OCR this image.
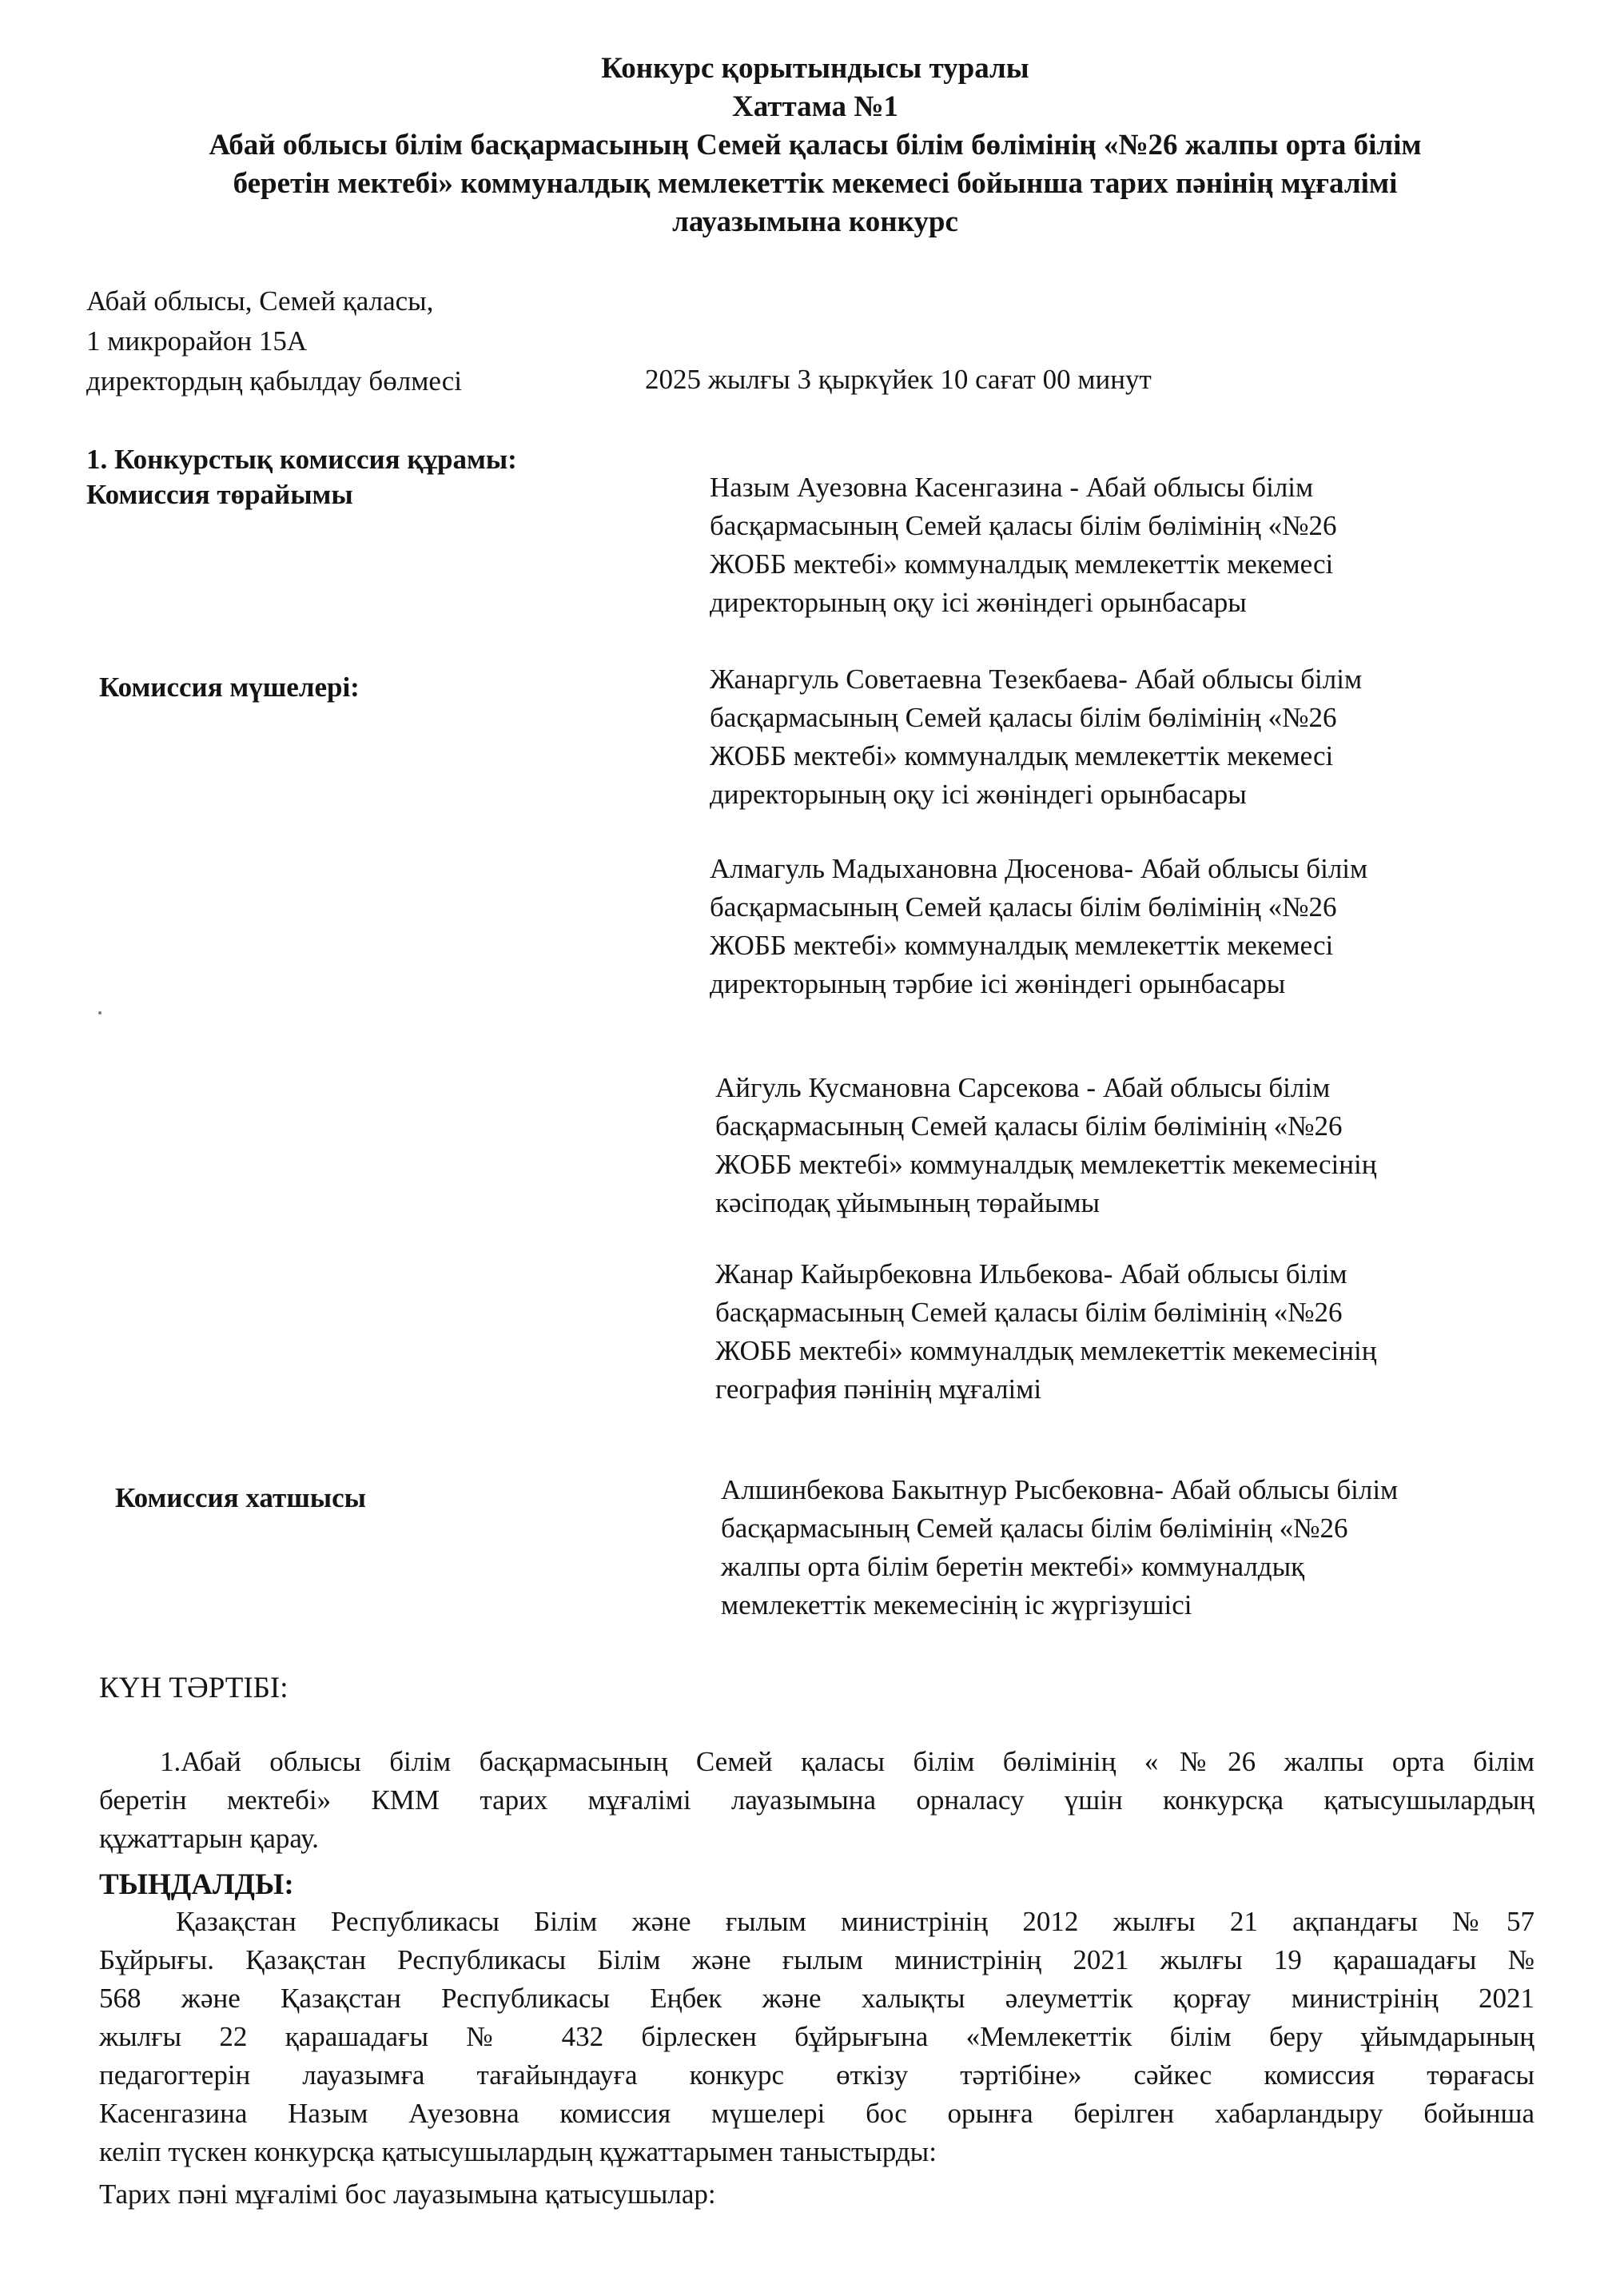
Конкурс қорытындысы туралы
Хаттама №1
Абай облысы білім басқармасының Семей қаласы білім бөлімінің «№26 жалпы орта білім
беретін мектебі» коммуналдық мемлекеттік мекемесі бойынша тарих пәнінің мұғалімі
лауазымына конкурс
Абай облысы, Семей қаласы,
1 микрорайон 15А
директордың қабылдау бөлмесі	2025 жылғы 3 қыркүйек 10 сағат 00 минут
1. Конкурстық комиссия құрамы:
Комиссия төрайымы	Назым Ауезовна Касенгазина - Абай облысы білім
басқармасының Семей қаласы білім бөлімінің «№26
ЖОББ мектебі» коммуналдық мемлекеттік мекемесі
директорының оқу ісі жөніндегі орынбасары
Комиссия мүшелері:	Жанаргуль Советаевна Тезекбаева- Абай облысы білім
басқармасының Семей қаласы білім бөлімінің «№26
ЖОББ мектебі» коммуналдық мемлекеттік мекемесі
директорының оқу ісі жөніндегі орынбасары
Алмагуль Мадыхановна Дюсенова- Абай облысы білім
басқармасының Семей қаласы білім бөлімінің «№26
ЖОББ мектебі» коммуналдық мемлекеттік мекемесі
директорының тәрбие ісі жөніндегі орынбасары
Айгуль Кусмановна Сарсекова - Абай облысы білім
басқармасының Семей қаласы білім бөлімінің «№26
ЖОББ мектебі» коммуналдық мемлекеттік мекемесінің
кәсіподақ ұйымының төрайымы
Жанар Кайырбековна Ильбекова- Абай облысы білім
басқармасының Семей қаласы білім бөлімінің «№26
ЖОББ мектебі» коммуналдық мемлекеттік мекемесінің
география пәнінің мұғалімі
Комиссия хатшысы	Алшинбекова Бакытнур Рысбековна- Абай облысы білім
басқармасының Семей қаласы білім бөлімінің «№26
жалпы орта білім беретін мектебі» коммуналдық
мемлекеттік мекемесінің іс жүргізушісі
КҮН ТӘРТІБІ:
1.Абай облысы білім басқармасының Семей қаласы білім бөлімінің «№26 жалпы орта білім
беретін мектебі» КММ тарих мұғалімі лауазымына орналасу үшін конкурсқа қатысушылардың
құжаттарын қарау.
ТЫҢДАЛДЫ:
Қазақстан Республикасы Білім және ғылым министрінің 2012 жылғы 21 ақпандағы №57
Бұйрығы. Қазақстан Республикасы Білім және ғылым министрінің 2021 жылғы 19 қарашадағы №
568 және Қазақстан Республикасы Еңбек және халықты әлеуметтік қорғау министрінің 2021
жылғы 22 қарашадағы № 432 бірлескен бұйрығына «Мемлекеттік білім беру ұйымдарының
педагогтерін лауазымға тағайындауға конкурс өткізу тәртібіне» сәйкес комиссия төрағасы
Касенгазина Назым Ауезовна комиссия мүшелері бос орынға берілген хабарландыру бойынша
келіп түскен конкурсқа қатысушылардың құжаттарымен таныстырды:
Тарих пәні мұғалімі бос лауазымына қатысушылар:
